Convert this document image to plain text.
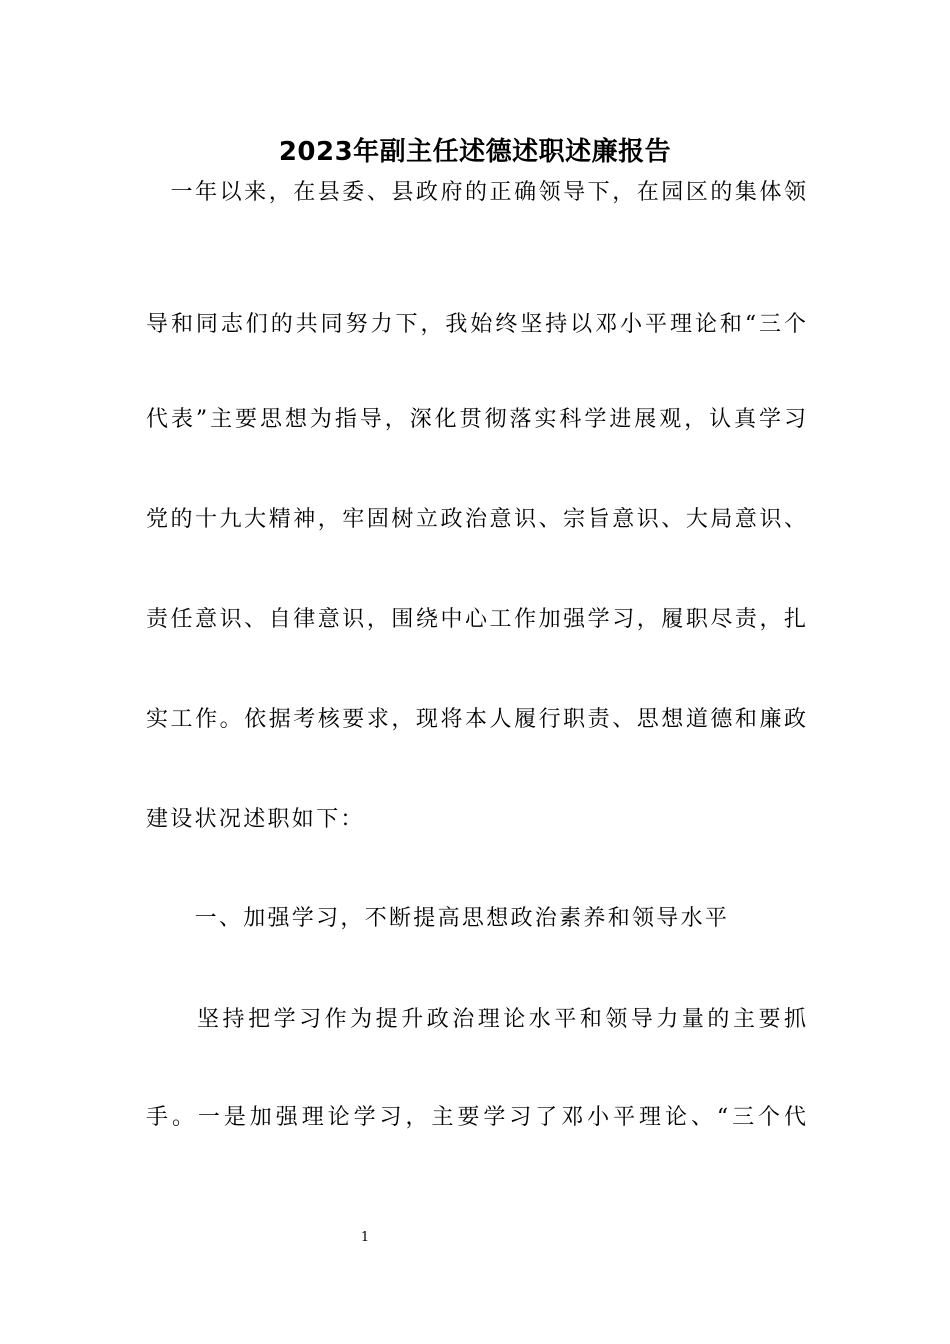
2023年副主任述德述职述廉报告
　一年以来，在县委、县政府的正确领导下，在园区的集体领
导和同志们的共同努力下，我始终坚持以邓小平理论和“三个
代表”主要思想为指导，深化贯彻落实科学进展观，认真学习
党的十九大精神，牢固树立政治意识、宗旨意识、大局意识、
责任意识、自律意识，围绕中心工作加强学习，履职尽责，扎
实工作。依据考核要求，现将本人履行职责、思想道德和廉政
建设状况述职如下：
　　一、加强学习，不断提高思想政治素养和领导水平
　　坚持把学习作为提升政治理论水平和领导力量的主要抓
手。一是加强理论学习，主要学习了邓小平理论、“三个代
1
